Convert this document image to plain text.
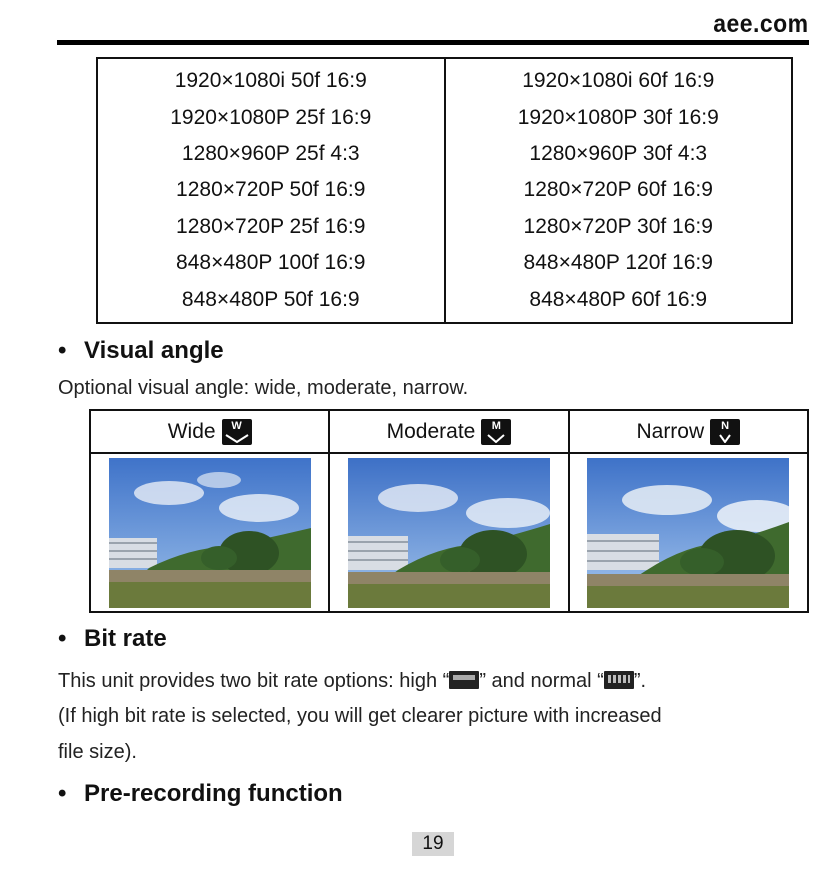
aee.com
1920×1080i 50f 16:9
1920×1080P 25f 16:9
1280×960P 25f 4:3
1280×720P 50f 16:9
1280×720P 25f 16:9
848×480P 100f 16:9
848×480P 50f 16:9
1920×1080i 60f 16:9
1920×1080P 30f 16:9
1280×960P 30f 4:3
1280×720P 60f 16:9
1280×720P 30f 16:9
848×480P 120f 16:9
848×480P 60f 16:9
• Visual angle
Optional visual angle: wide, moderate, narrow.
Wide W	Moderate M	Narrow N
• Bit rate
This unit provides two bit rate options: high “ ” and normal “ ”.
(If high bit rate is selected, you will get clearer picture with increased
file size).
• Pre-recording function
19
